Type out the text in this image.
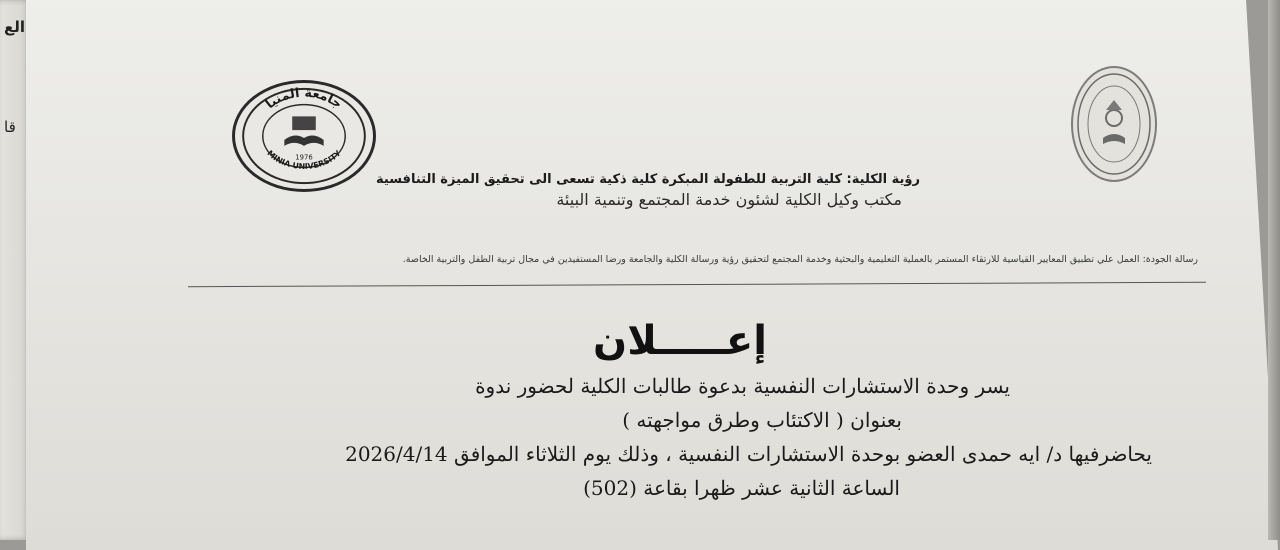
الع
قا
جامعة المنيا
MINIA UNIVERSITY
1976
رؤية الكلية: كلية التربية للطفولة المبكرة كلية ذكية تسعى الى تحقيق الميزة التنافسية
مكتب وكيل الكلية لشئون خدمة المجتمع وتنمية البيئة
رسالة الجودة: العمل علي تطبيق المعايير القياسية للارتقاء المستمر بالعملية التعليمية والبحثية وخدمة المجتمع لتحقيق رؤية ورسالة الكلية والجامعة ورضا المستفيدين في مجال تربية الطفل والتربية الخاصة.
إعـــــلان
يسر وحدة الاستشارات النفسية بدعوة طالبات الكلية لحضور ندوة
بعنوان ( الاكتئاب وطرق مواجهته )
يحاضرفيها د/ ايه حمدى العضو بوحدة الاستشارات النفسية ، وذلك يوم الثلاثاء الموافق 2026/4/14
الساعة الثانية عشر ظهرا بقاعة (502)
